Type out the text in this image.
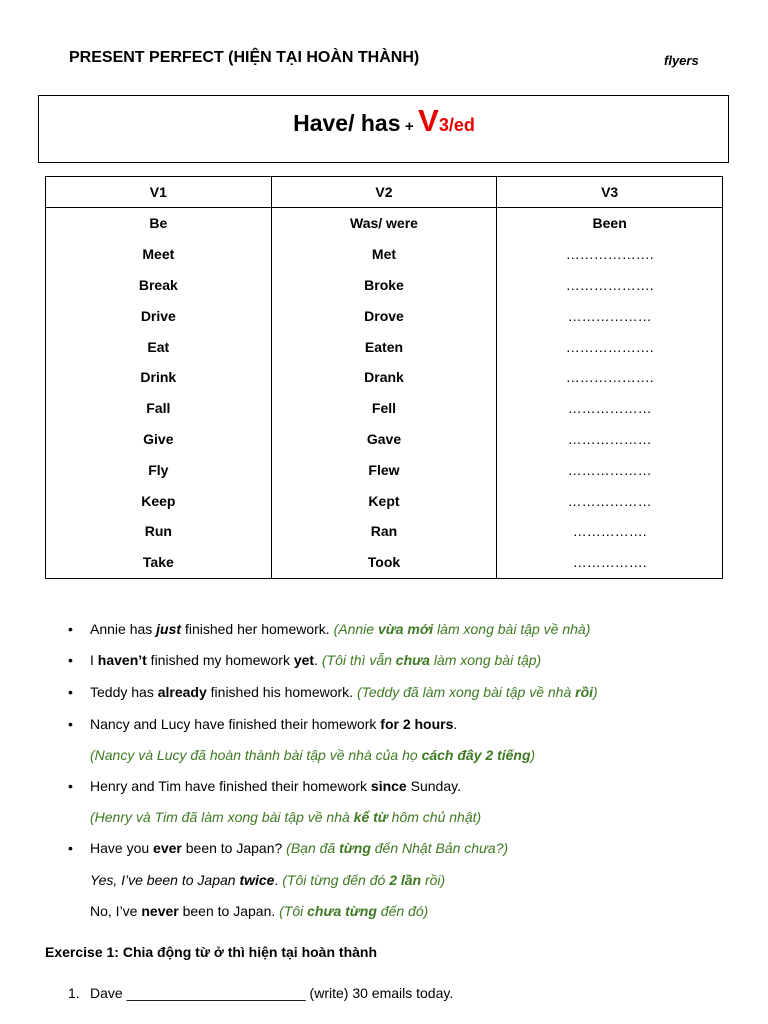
PRESENT PERFECT (HIỆN TẠI HOÀN THÀNH)	flyers
Have/ has + V3/ed
V1	V2	V3
Be	Was/ were	Been
Meet	Met	……………….
Break	Broke	……………….
Drive	Drove	………………
Eat	Eaten	……………….
Drink	Drank	……………….
Fall	Fell	………………
Give	Gave	………………
Fly	Flew	………………
Keep	Kept	………………
Run	Ran	…………….
Take	Took	…………….
• Annie has just finished her homework. (Annie vừa mới làm xong bài tập về nhà)
• I haven’t finished my homework yet. (Tôi thì vẫn chưa làm xong bài tập)
• Teddy has already finished his homework. (Teddy đã làm xong bài tập về nhà rồi)
• Nancy and Lucy have finished their homework for 2 hours.
(Nancy và Lucy đã hoàn thành bài tập về nhà của họ cách đây 2 tiếng)
• Henry and Tim have finished their homework since Sunday.
(Henry và Tim đã làm xong bài tập về nhà kể từ hôm chủ nhật)
• Have you ever been to Japan? (Bạn đã từng đến Nhật Bản chưa?)
Yes, I’ve been to Japan twice. (Tôi từng đến đó 2 lần rồi)
No, I’ve never been to Japan. (Tôi chưa từng đến đó)
Exercise 1: Chia động từ ở thì hiện tại hoàn thành
1. Dave _______________________ (write) 30 emails today.
